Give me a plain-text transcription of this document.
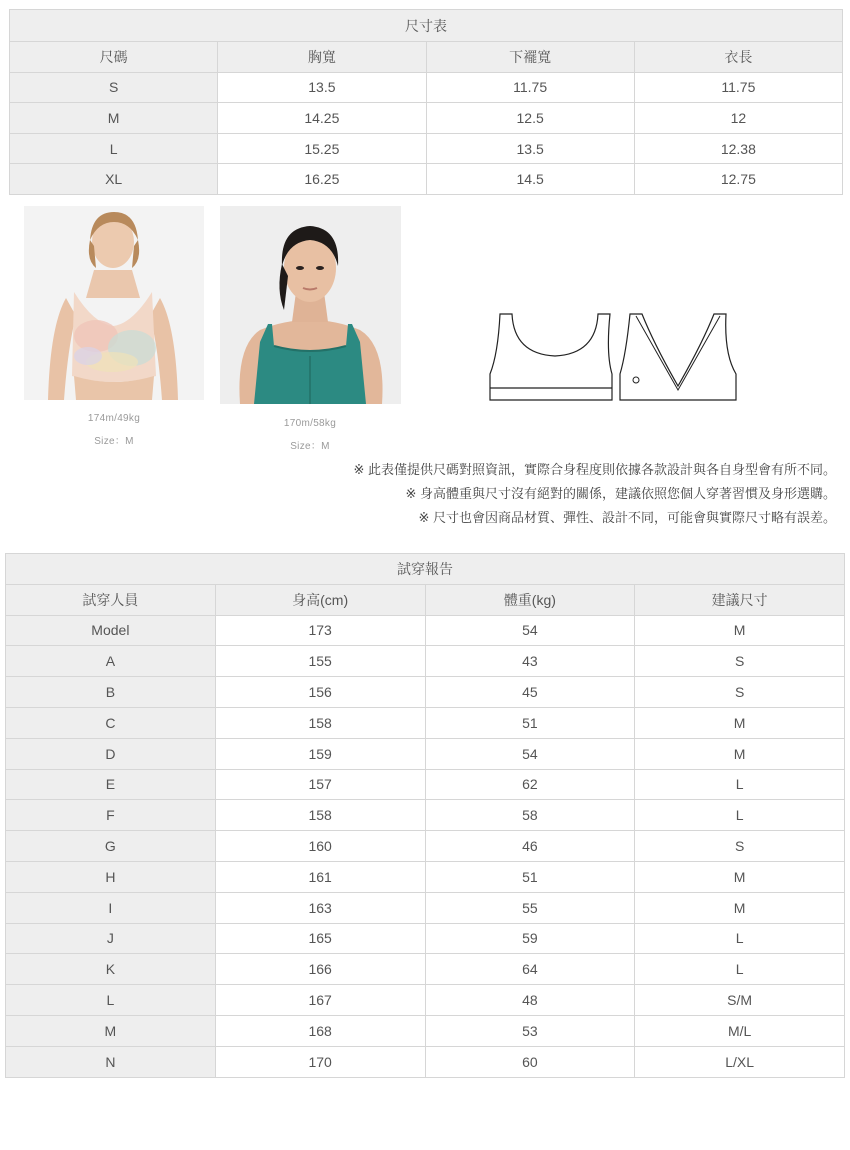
尺寸表			
尺碼	胸寬	下襬寬	衣長
S	13.5	11.75	11.75
M	14.25	12.5	12
L	15.25	13.5	12.38
XL	16.25	14.5	12.75
174m/49kg
Size：M
170m/58kg
Size：M
※ 此表僅提供尺碼對照資訊，實際合身程度則依據各款設計與各自身型會有所不同。
※ 身高體重與尺寸沒有絕對的關係，建議依照您個人穿著習慣及身形選購。
※ 尺寸也會因商品材質、彈性、設計不同，可能會與實際尺寸略有誤差。
試穿報告			
試穿人員	身高(cm)	體重(kg)	建議尺寸
Model	173	54	M
A	155	43	S
B	156	45	S
C	158	51	M
D	159	54	M
E	157	62	L
F	158	58	L
G	160	46	S
H	161	51	M
I	163	55	M
J	165	59	L
K	166	64	L
L	167	48	S/M
M	168	53	M/L
N	170	60	L/XL
